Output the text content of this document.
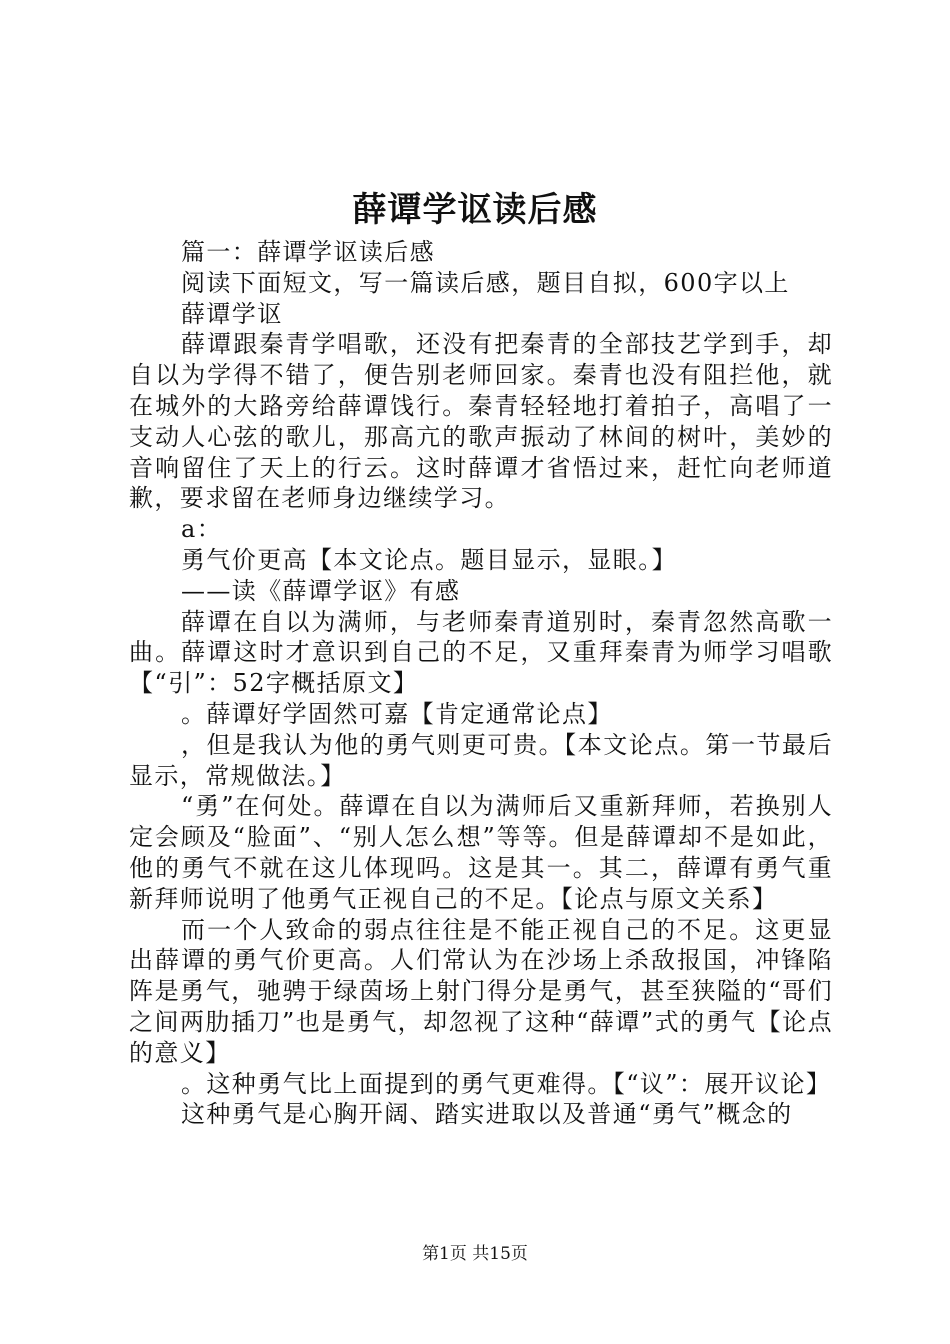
薛谭学讴读后感

篇一：薛谭学讴读后感

阅读下面短文，写一篇读后感，题目自拟，600字以上

薛谭学讴

薛谭跟秦青学唱歌，还没有把秦青的全部技艺学到手，却自以为学得不错了，便告别老师回家。秦青也没有阻拦他，就在城外的大路旁给薛谭饯行。秦青轻轻地打着拍子，高唱了一支动人心弦的歌儿，那高亢的歌声振动了林间的树叶，美妙的音响留住了天上的行云。这时薛谭才省悟过来，赶忙向老师道歉，要求留在老师身边继续学习。

a：

勇气价更高【本文论点。题目显示，显眼。】

——读《薛谭学讴》有感

薛谭在自以为满师，与老师秦青道别时，秦青忽然高歌一曲。薛谭这时才意识到自己的不足，又重拜秦青为师学习唱歌【“引”：52字概括原文】

。薛谭好学固然可嘉【肯定通常论点】

，但是我认为他的勇气则更可贵。【本文论点。第一节最后显示，常规做法。】

“勇”在何处。薛谭在自以为满师后又重新拜师，若换别人定会顾及“脸面”、“别人怎么想”等等。但是薛谭却不是如此，他的勇气不就在这儿体现吗。这是其一。其二，薛谭有勇气重新拜师说明了他勇气正视自己的不足。【论点与原文关系】

而一个人致命的弱点往往是不能正视自己的不足。这更显出薛谭的勇气价更高。人们常认为在沙场上杀敌报国，冲锋陷阵是勇气，驰骋于绿茵场上射门得分是勇气，甚至狭隘的“哥们之间两肋插刀”也是勇气，却忽视了这种“薛谭”式的勇气【论点的意义】

。这种勇气比上面提到的勇气更难得。【“议”：展开议论】

这种勇气是心胸开阔、踏实进取以及普通“勇气”概念的

第1页 共15页
